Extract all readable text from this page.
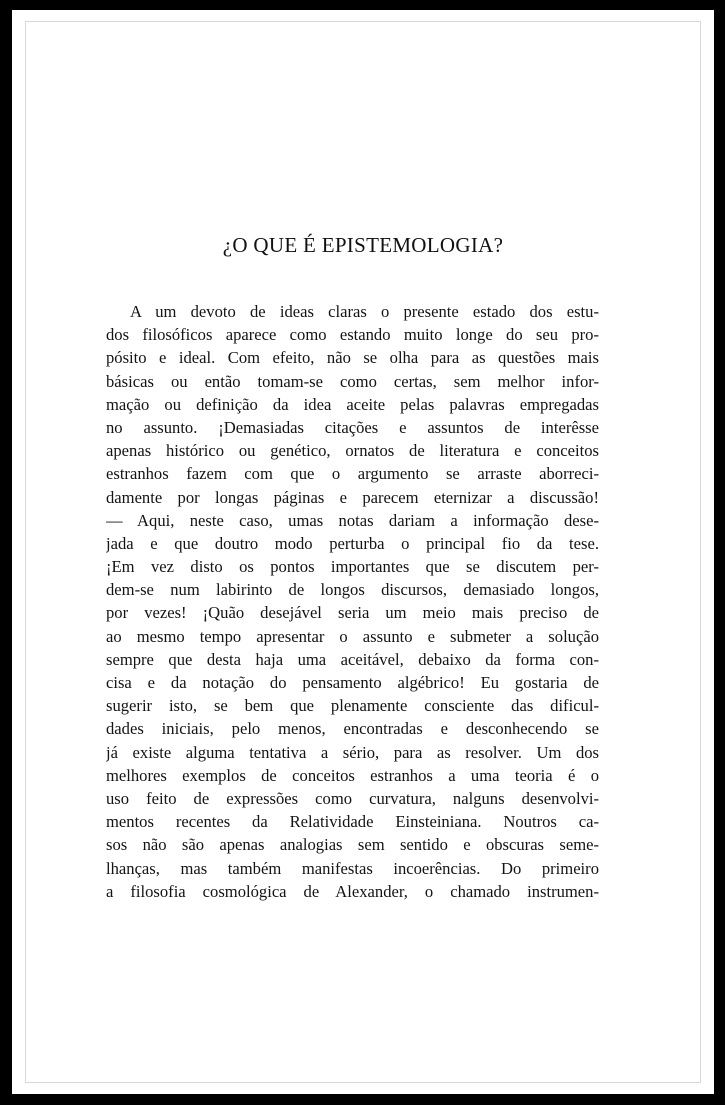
¿O QUE É EPISTEMOLOGIA?
A um devoto de ideas claras o presente estado dos estu-
dos filosóficos aparece como estando muito longe do seu pro-
pósito e ideal. Com efeito, não se olha para as questões mais
básicas ou então tomam-se como certas, sem melhor infor-
mação ou definição da idea aceite pelas palavras empregadas
no assunto. ¡Demasiadas citações e assuntos de interêsse
apenas histórico ou genético, ornatos de literatura e conceitos
estranhos fazem com que o argumento se arraste aborreci-
damente por longas páginas e parecem eternizar a discussão!
— Aqui, neste caso, umas notas dariam a informação dese-
jada e que doutro modo perturba o principal fio da tese.
¡Em vez disto os pontos importantes que se discutem per-
dem-se num labirinto de longos discursos, demasiado longos,
por vezes! ¡Quão desejável seria um meio mais preciso de
ao mesmo tempo apresentar o assunto e submeter a solução
sempre que desta haja uma aceitável, debaixo da forma con-
cisa e da notação do pensamento algébrico! Eu gostaria de
sugerir isto, se bem que plenamente consciente das dificul-
dades iniciais, pelo menos, encontradas e desconhecendo se
já existe alguma tentativa a sério, para as resolver. Um dos
melhores exemplos de conceitos estranhos a uma teoria é o
uso feito de expressões como curvatura, nalguns desenvolvi-
mentos recentes da Relatividade Einsteiniana. Noutros ca-
sos não são apenas analogias sem sentido e obscuras seme-
lhanças, mas também manifestas incoerências. Do primeiro
a filosofia cosmológica de Alexander, o chamado instrumen-
